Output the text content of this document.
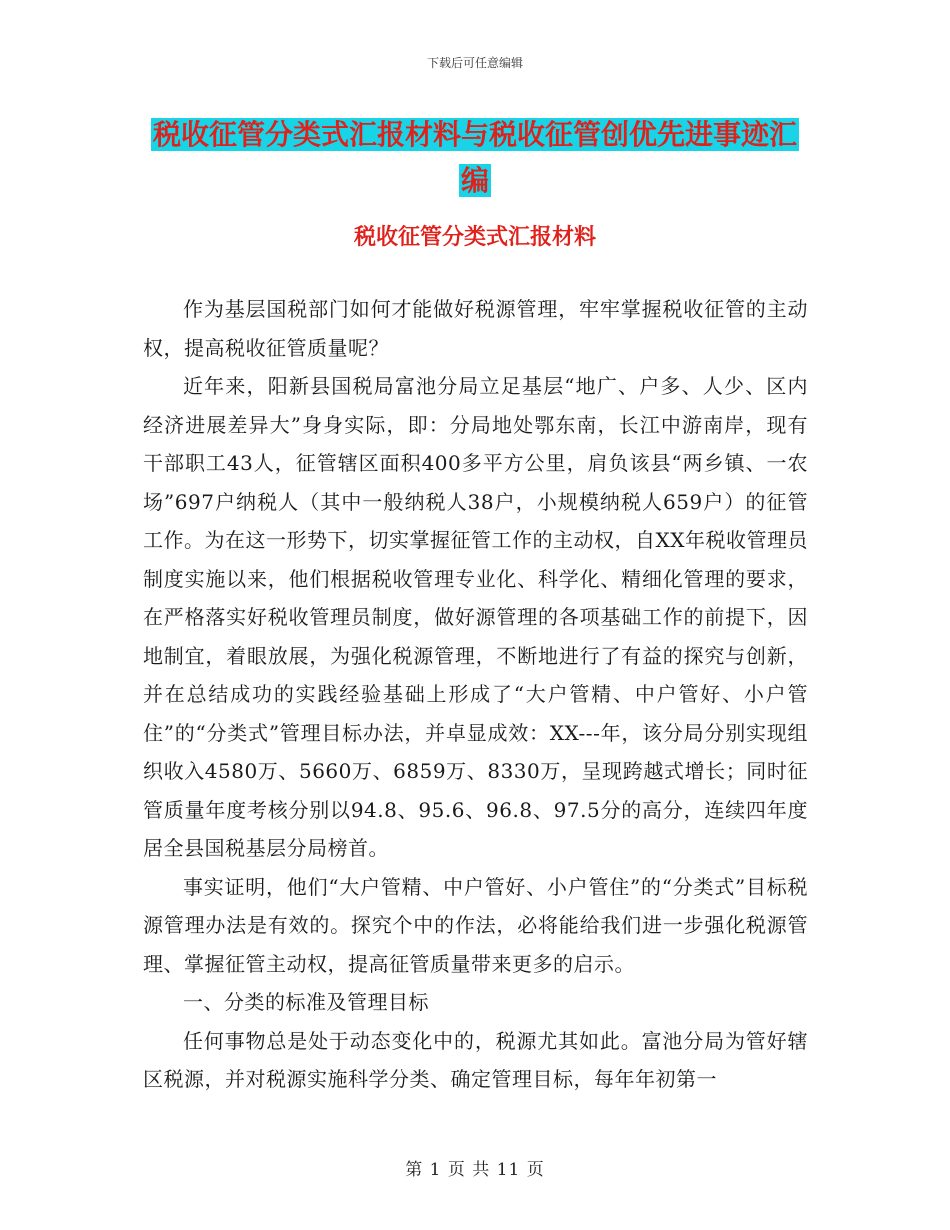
下载后可任意编辑
税收征管分类式汇报材料与税收征管创优先进事迹汇
编
税收征管分类式汇报材料

作为基层国税部门如何才能做好税源管理，牢牢掌握税收征管的主动权，提高税收征管质量呢？

近年来，阳新县国税局富池分局立足基层“地广、户多、人少、区内经济进展差异大”身身实际，即：分局地处鄂东南，长江中游南岸，现有干部职工43人，征管辖区面积400多平方公里，肩负该县“两乡镇、一农场”697户纳税人（其中一般纳税人38户，小规模纳税人659户）的征管工作。为在这一形势下，切实掌握征管工作的主动权，自XX年税收管理员制度实施以来，他们根据税收管理专业化、科学化、精细化管理的要求，在严格落实好税收管理员制度，做好源管理的各项基础工作的前提下，因地制宜，着眼放展，为强化税源管理，不断地进行了有益的探究与创新，并在总结成功的实践经验基础上形成了“大户管精、中户管好、小户管住”的“分类式”管理目标办法，并卓显成效：XX---年，该分局分别实现组织收入4580万、5660万、6859万、8330万，呈现跨越式增长；同时征管质量年度考核分别以94.8、95.6、96.8、97.5分的高分，连续四年度居全县国税基层分局榜首。

事实证明，他们“大户管精、中户管好、小户管住”的“分类式”目标税源管理办法是有效的。探究个中的作法，必将能给我们进一步强化税源管理、掌握征管主动权，提高征管质量带来更多的启示。

一、分类的标准及管理目标

任何事物总是处于动态变化中的，税源尤其如此。富池分局为管好辖区税源，并对税源实施科学分类、确定管理目标，每年年初第一

第 1 页 共 11 页
